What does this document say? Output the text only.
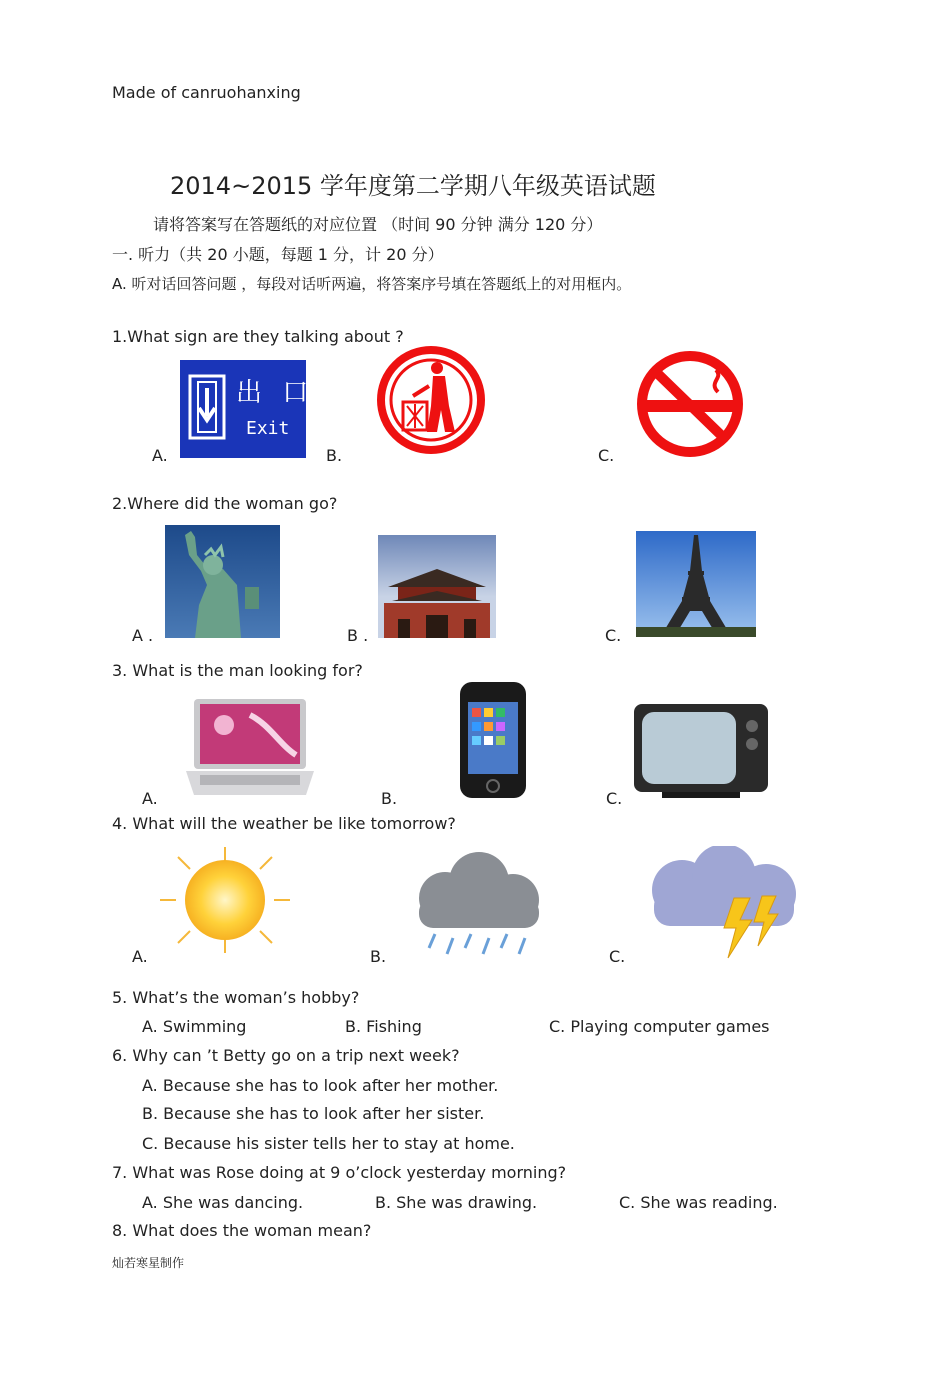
Made of canruohanxing
2014~2015 学年度第二学期八年级英语试题
请将答案写在答题纸的对应位置 （时间 90 分钟 满分 120 分）
一. 听力（共 20 小题，每题 1 分，计 20 分）
A. 听对话回答问题 ，每段对话听两遍，将答案序号填在答题纸上的对用框内。
1.What sign are they talking about ?
出 口
Exit
A.	B.	C.
2.Where did the woman go?
A .	B .	C.
3. What is the man looking for?
A.	B.	C.
4. What will the weather be like tomorrow?
A.	B.	C.
5. What’s the woman’s hobby?
A. Swimming	B. Fishing	C. Playing computer games
6. Why can ’t Betty go on a trip next week?
A. Because she has to look after her mother.
B. Because she has to look after her sister.
C. Because his sister tells her to stay at home.
7. What was Rose doing at 9 o’clock yesterday morning?
A. She was dancing.	B. She was drawing.	C. She was reading.
8. What does the woman mean?
灿若寒星制作
